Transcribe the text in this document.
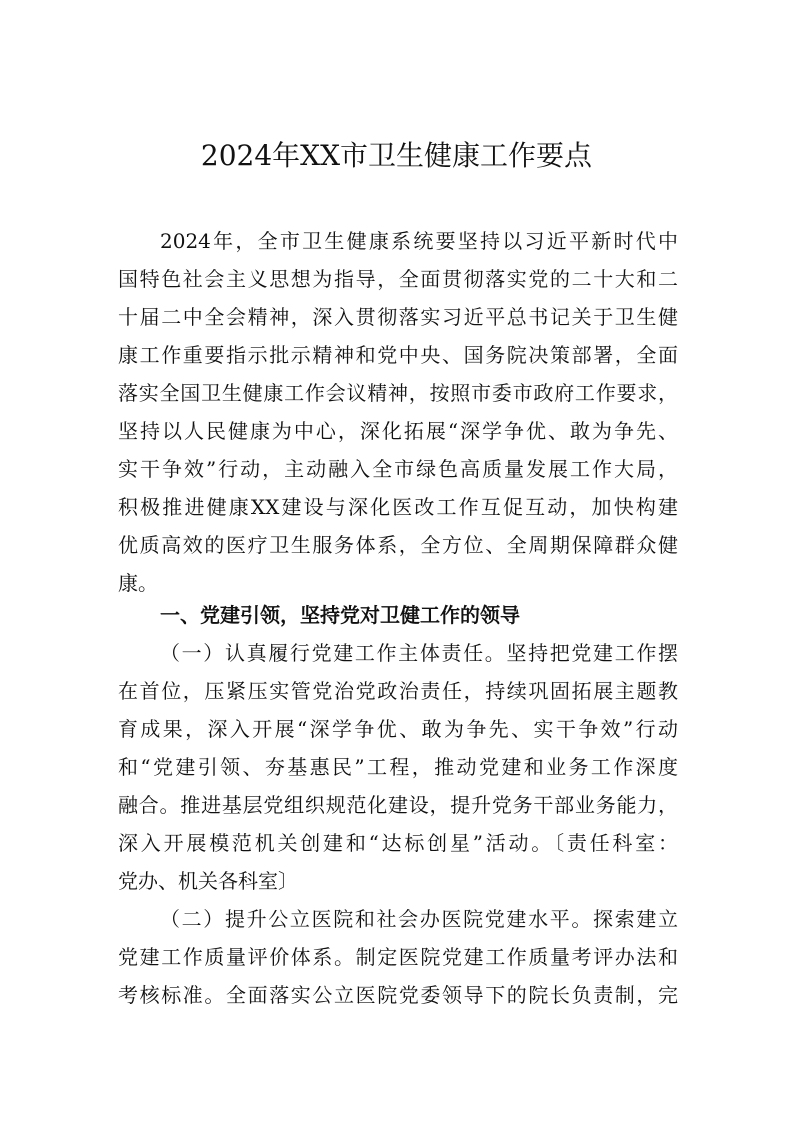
2024年XX市卫生健康工作要点
2024年，全市卫生健康系统要坚持以习近平新时代中
国特色社会主义思想为指导，全面贯彻落实党的二十大和二
十届二中全会精神，深入贯彻落实习近平总书记关于卫生健
康工作重要指示批示精神和党中央、国务院决策部署，全面
落实全国卫生健康工作会议精神，按照市委市政府工作要求，
坚持以人民健康为中心，深化拓展“深学争优、敢为争先、
实干争效”行动，主动融入全市绿色高质量发展工作大局，
积极推进健康XX建设与深化医改工作互促互动，加快构建
优质高效的医疗卫生服务体系，全方位、全周期保障群众健
康。
一、党建引领，坚持党对卫健工作的领导
（一）认真履行党建工作主体责任。坚持把党建工作摆
在首位，压紧压实管党治党政治责任，持续巩固拓展主题教
育成果，深入开展“深学争优、敢为争先、实干争效”行动
和“党建引领、夯基惠民”工程，推动党建和业务工作深度
融合。推进基层党组织规范化建设，提升党务干部业务能力，
深入开展模范机关创建和“达标创星”活动。〔责任科室：
党办、机关各科室〕
（二）提升公立医院和社会办医院党建水平。探索建立
党建工作质量评价体系。制定医院党建工作质量考评办法和
考核标准。全面落实公立医院党委领导下的院长负责制，完
